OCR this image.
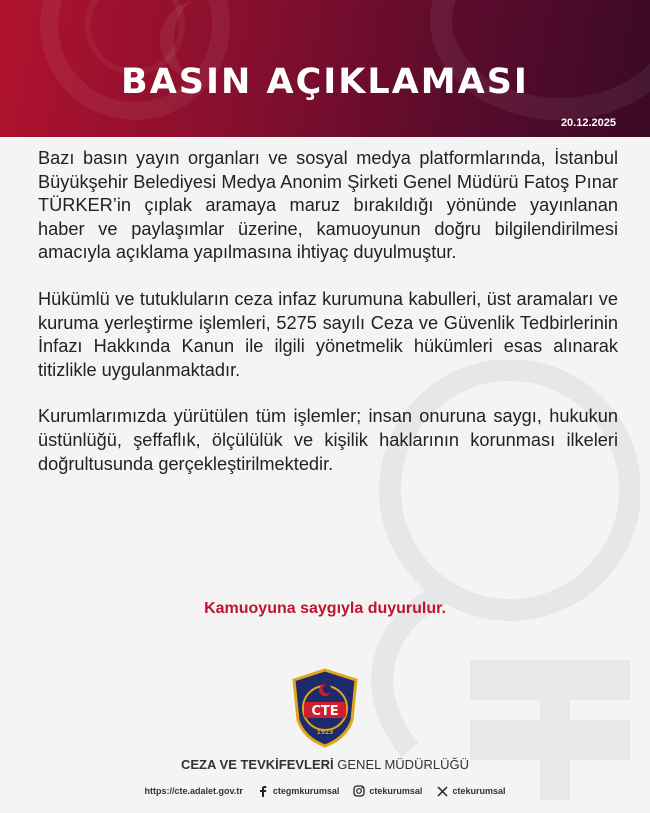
BASIN AÇIKLAMASI
20.12.2025

Bazı basın yayın organları ve sosyal medya platformlarında, İstanbul Büyükşehir Belediyesi Medya Anonim Şirketi Genel Müdürü Fatoş Pınar TÜRKER’in çıplak aramaya maruz bırakıldığı yönünde yayınlanan haber ve paylaşımlar üzerine, kamuoyunun doğru bilgilendirilmesi amacıyla açıklama yapılmasına ihtiyaç duyulmuştur.

Hükümlü ve tutukluların ceza infaz kurumuna kabulleri, üst aramaları ve kuruma yerleştirme işlemleri, 5275 sayılı Ceza ve Güvenlik Tedbirlerinin İnfazı Hakkında Kanun ile ilgili yönetmelik hükümleri esas alınarak titizlikle uygulanmaktadır.

Kurumlarımızda yürütülen tüm işlemler; insan onuruna saygı, hukukun üstünlüğü, şeffaflık, ölçülülük ve kişilik haklarının korunması ilkeleri doğrultusunda gerçekleştirilmektedir.

Kamuoyuna saygıyla duyurulur.
CTE
1923
CEZA VE TEVKİFEVLERİ GENEL MÜDÜRLÜĞÜ
https://cte.adalet.gov.tr	ctegmkurumsal	ctekurumsal	ctekurumsal
